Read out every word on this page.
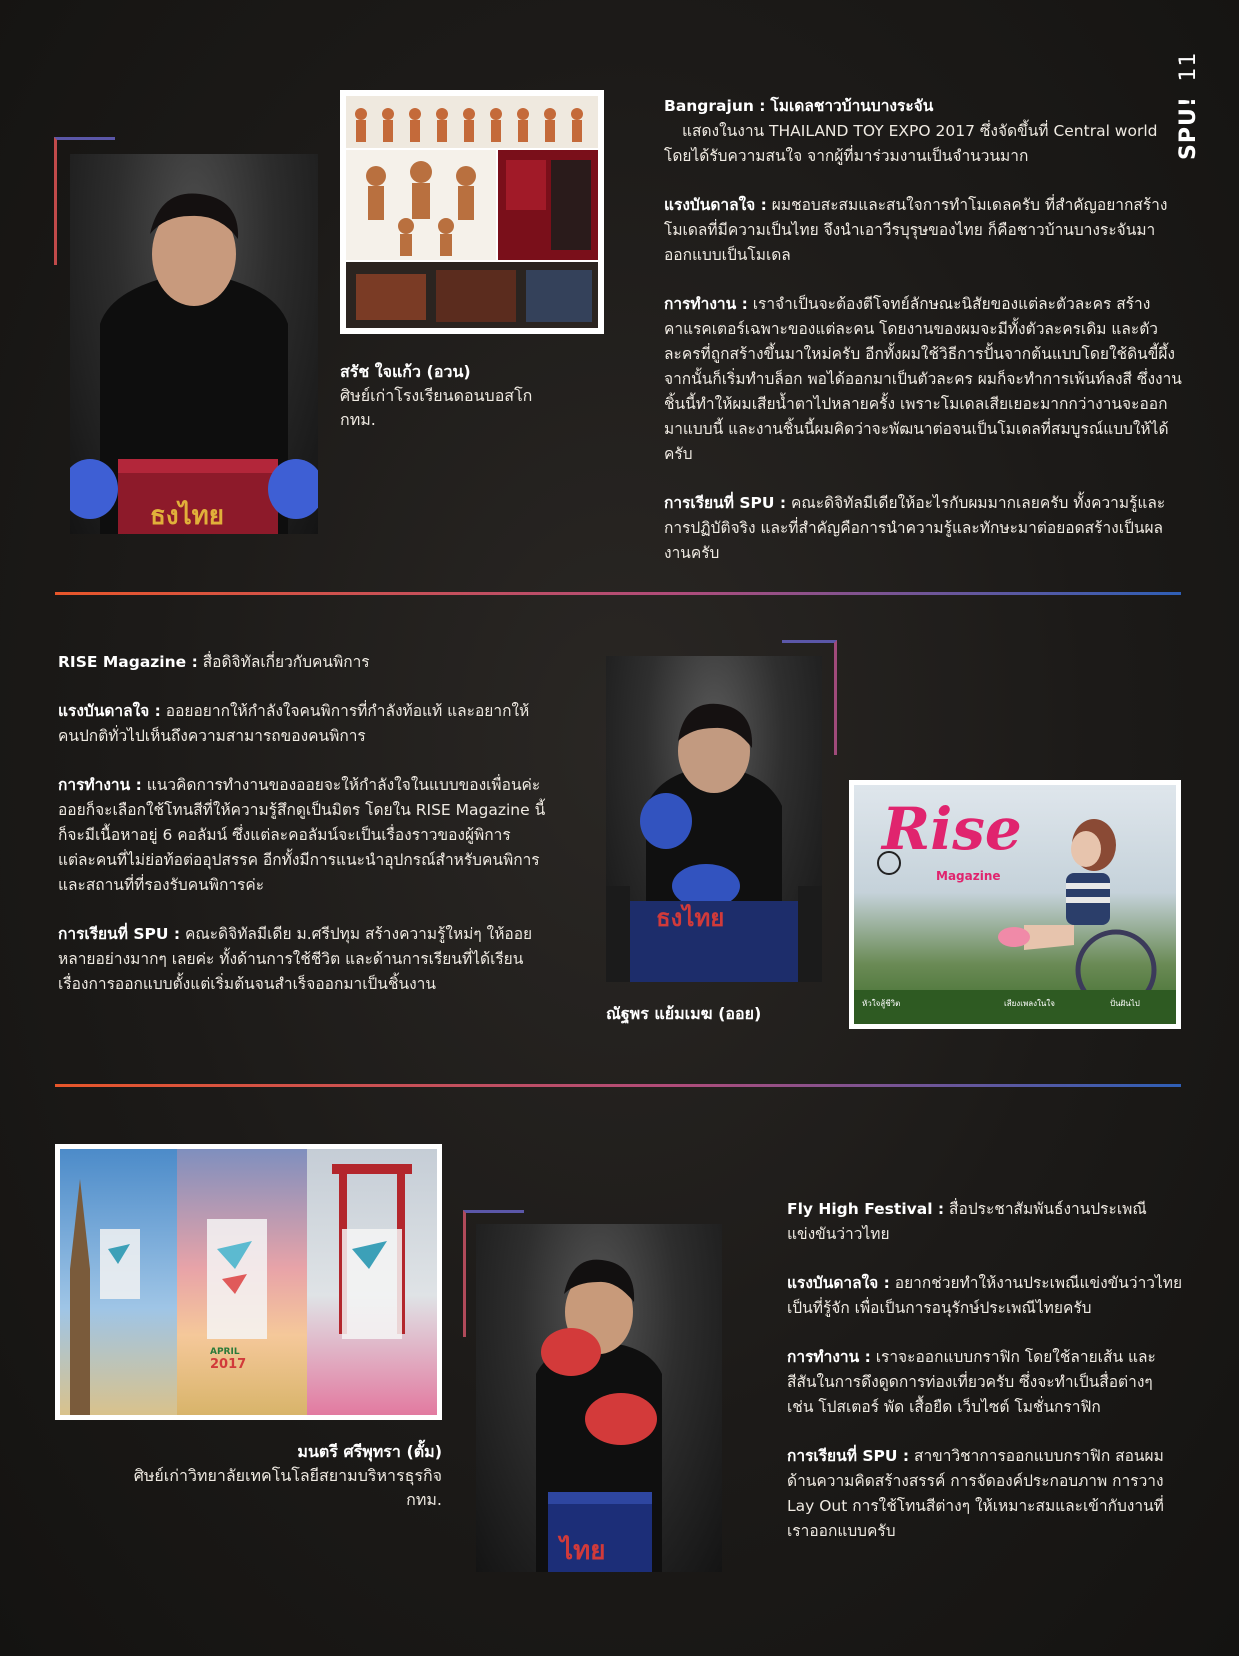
SPU! 11
ธงไทย
สรัช ใจแก้ว (อวน)
ศิษย์เก่าโรงเรียนดอนบอสโก
กทม.

Bangrajun : โมเดลชาวบ้านบางระจัน
แสดงในงาน THAILAND TOY EXPO 2017 ซึ่งจัดขึ้นที่ Central world โดยได้รับความสนใจ จากผู้ที่มาร่วมงานเป็นจำนวนมาก

แรงบันดาลใจ : ผมชอบสะสมและสนใจการทำโมเดลครับ ที่สำคัญอยากสร้างโมเดลที่มีความเป็นไทย จึงนำเอาวีรบุรุษของไทย ก็คือชาวบ้านบางระจันมาออกแบบเป็นโมเดล

การทำงาน : เราจำเป็นจะต้องตีโจทย์ลักษณะนิสัยของแต่ละตัวละคร สร้างคาแรคเตอร์เฉพาะของแต่ละคน โดยงานของผมจะมีทั้งตัวละครเดิม และตัวละครที่ถูกสร้างขึ้นมาใหม่ครับ อีกทั้งผมใช้วิธีการปั้นจากต้นแบบโดยใช้ดินขี้ผึ้ง จากนั้นก็เริ่มทำบล็อก พอได้ออกมาเป็นตัวละคร ผมก็จะทำการเพ้นท์ลงสี ซึ่งงานชิ้นนี้ทำให้ผมเสียน้ำตาไปหลายครั้ง เพราะโมเดลเสียเยอะมากกว่างานจะออกมาแบบนี้ และงานชิ้นนี้ผมคิดว่าจะพัฒนาต่อจนเป็นโมเดลที่สมบูรณ์แบบให้ได้ครับ

การเรียนที่ SPU : คณะดิจิทัลมีเดียให้อะไรกับผมมากเลยครับ ทั้งความรู้และการปฏิบัติจริง และที่สำคัญคือการนำความรู้และทักษะมาต่อยอดสร้างเป็นผลงานครับ

RISE Magazine : สื่อดิจิทัลเกี่ยวกับคนพิการ

แรงบันดาลใจ : ออยอยากให้กำลังใจคนพิการที่กำลังท้อแท้ และอยากให้คนปกติทั่วไปเห็นถึงความสามารถของคนพิการ

การทำงาน : แนวคิดการทำงานของออยจะให้กำลังใจในแบบของเพื่อนค่ะ ออยก็จะเลือกใช้โทนสีที่ให้ความรู้สึกดูเป็นมิตร โดยใน RISE Magazine นี้ก็จะมีเนื้อหาอยู่ 6 คอลัมน์ ซึ่งแต่ละคอลัมน์จะเป็นเรื่องราวของผู้พิการแต่ละคนที่ไม่ย่อท้อต่ออุปสรรค อีกทั้งมีการแนะนำอุปกรณ์สำหรับคนพิการ และสถานที่ที่รองรับคนพิการค่ะ

การเรียนที่ SPU : คณะดิจิทัลมีเดีย ม.ศรีปทุม สร้างความรู้ใหม่ๆ ให้ออยหลายอย่างมากๆ เลยค่ะ ทั้งด้านการใช้ชีวิต และด้านการเรียนที่ได้เรียนเรื่องการออกแบบตั้งแต่เริ่มต้นจนสำเร็จออกมาเป็นชิ้นงาน

ธงไทย
ณัฐพร แย้มเมฆ (ออย)
Rise
Magazine
หัวใจสู้ชีวิต	เสียงเพลงในใจ	ปั่นฝันไป
APRIL
2017
มนตรี ศรีพุทรา (ตั้ม)
ศิษย์เก่าวิทยาลัยเทคโนโลยีสยามบริหารธุรกิจ
กทม.
ไทย

Fly High Festival : สื่อประชาสัมพันธ์งานประเพณีแข่งขันว่าวไทย

แรงบันดาลใจ : อยากช่วยทำให้งานประเพณีแข่งขันว่าวไทยเป็นที่รู้จัก เพื่อเป็นการอนุรักษ์ประเพณีไทยครับ

การทำงาน : เราจะออกแบบกราฟิก โดยใช้ลายเส้น และสีสันในการดึงดูดการท่องเที่ยวครับ ซึ่งจะทำเป็นสื่อต่างๆ เช่น โปสเตอร์ พัด เสื้อยืด เว็บไซต์ โมชั่นกราฟิก

การเรียนที่ SPU : สาขาวิชาการออกแบบกราฟิก สอนผมด้านความคิดสร้างสรรค์ การจัดองค์ประกอบภาพ การวาง Lay Out การใช้โทนสีต่างๆ ให้เหมาะสมและเข้ากับงานที่เราออกแบบครับ
